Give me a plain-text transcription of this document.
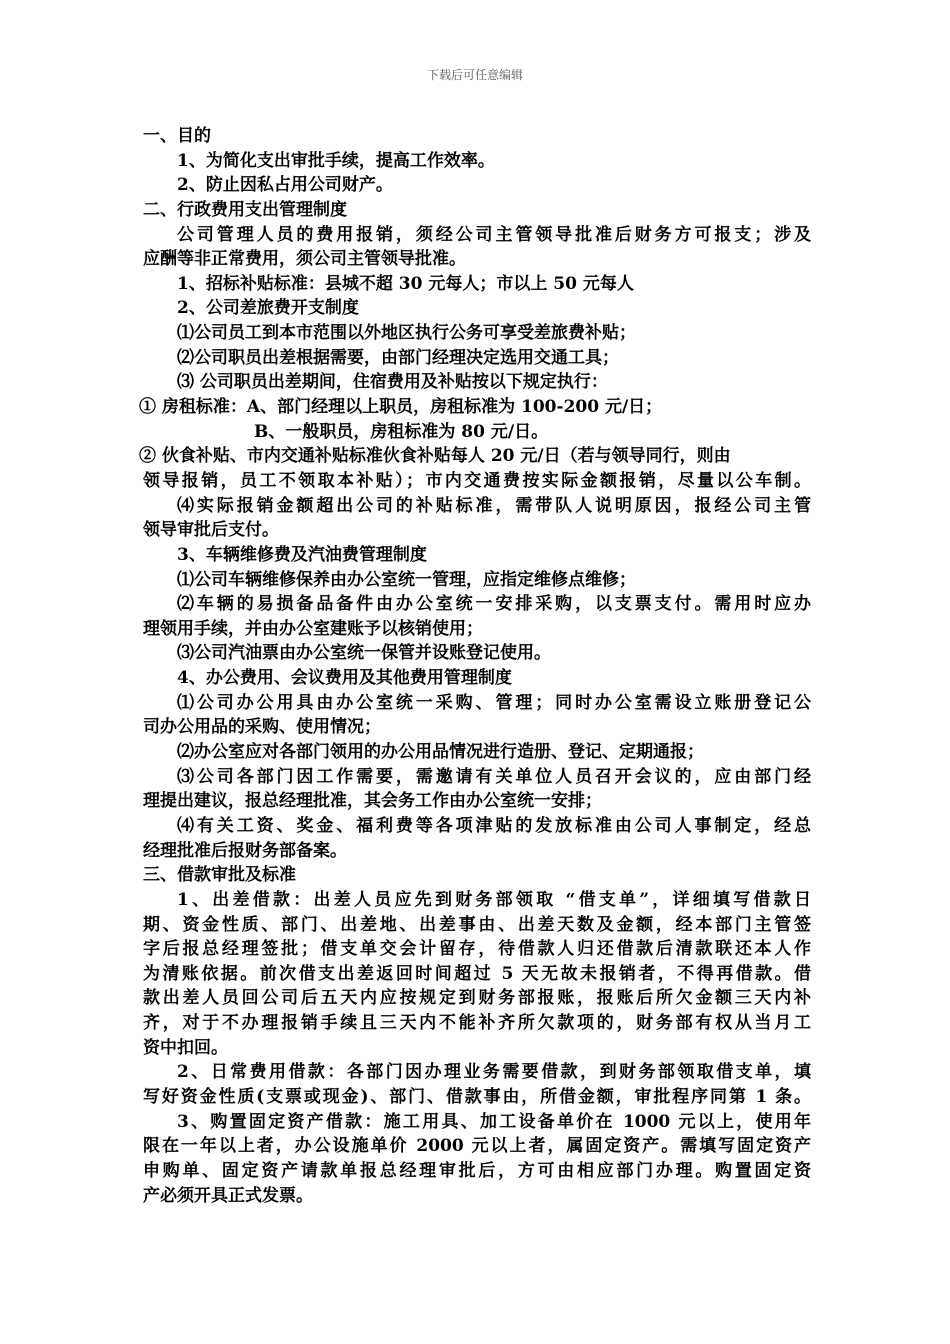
下载后可任意编辑
一、目的
1、为简化支出审批手续，提高工作效率。
2、防止因私占用公司财产。
二、行政费用支出管理制度
公司管理人员的费用报销，须经公司主管领导批准后财务方可报支；涉及
应酬等非正常费用，须公司主管领导批准。
1、招标补贴标准：县城不超 30 元每人；市以上 50 元每人
2、公司差旅费开支制度
⑴公司员工到本市范围以外地区执行公务可享受差旅费补贴；
⑵公司职员出差根据需要，由部门经理决定选用交通工具；
⑶ 公司职员出差期间，住宿费用及补贴按以下规定执行：
① 房租标准：A、部门经理以上职员，房租标准为 100-200 元/日；
B、一般职员，房租标准为 80 元/日。
② 伙食补贴、市内交通补贴标准伙食补贴每人 20 元/日（若与领导同行，则由
领导报销，员工不领取本补贴）；市内交通费按实际金额报销，尽量以公车制。
⑷实际报销金额超出公司的补贴标准，需带队人说明原因，报经公司主管
领导审批后支付。
3、车辆维修费及汽油费管理制度
⑴公司车辆维修保养由办公室统一管理，应指定维修点维修；
⑵车辆的易损备品备件由办公室统一安排采购，以支票支付。需用时应办
理领用手续，并由办公室建账予以核销使用；
⑶公司汽油票由办公室统一保管并设账登记使用。
4、办公费用、会议费用及其他费用管理制度
⑴公司办公用具由办公室统一采购、管理；同时办公室需设立账册登记公
司办公用品的采购、使用情况；
⑵办公室应对各部门领用的办公用品情况进行造册、登记、定期通报；
⑶公司各部门因工作需要，需邀请有关单位人员召开会议的，应由部门经
理提出建议，报总经理批准，其会务工作由办公室统一安排；
⑷有关工资、奖金、福利费等各项津贴的发放标准由公司人事制定，经总
经理批准后报财务部备案。
三、借款审批及标准
1、出差借款：出差人员应先到财务部领取 “借支单”，详细填写借款日
期、资金性质、部门、出差地、出差事由、出差天数及金额，经本部门主管签
字后报总经理签批；借支单交会计留存，待借款人归还借款后清款联还本人作
为清账依据。前次借支出差返回时间超过 5 天无故未报销者，不得再借款。借
款出差人员回公司后五天内应按规定到财务部报账，报账后所欠金额三天内补
齐，对于不办理报销手续且三天内不能补齐所欠款项的，财务部有权从当月工
资中扣回。
2、日常费用借款：各部门因办理业务需要借款，到财务部领取借支单，填
写好资金性质(支票或现金)、部门、借款事由，所借金额，审批程序同第 1 条。
3、购置固定资产借款：施工用具、加工设备单价在 1000 元以上，使用年
限在一年以上者，办公设施单价 2000 元以上者，属固定资产。需填写固定资产
申购单、固定资产请款单报总经理审批后，方可由相应部门办理。购置固定资
产必须开具正式发票。
